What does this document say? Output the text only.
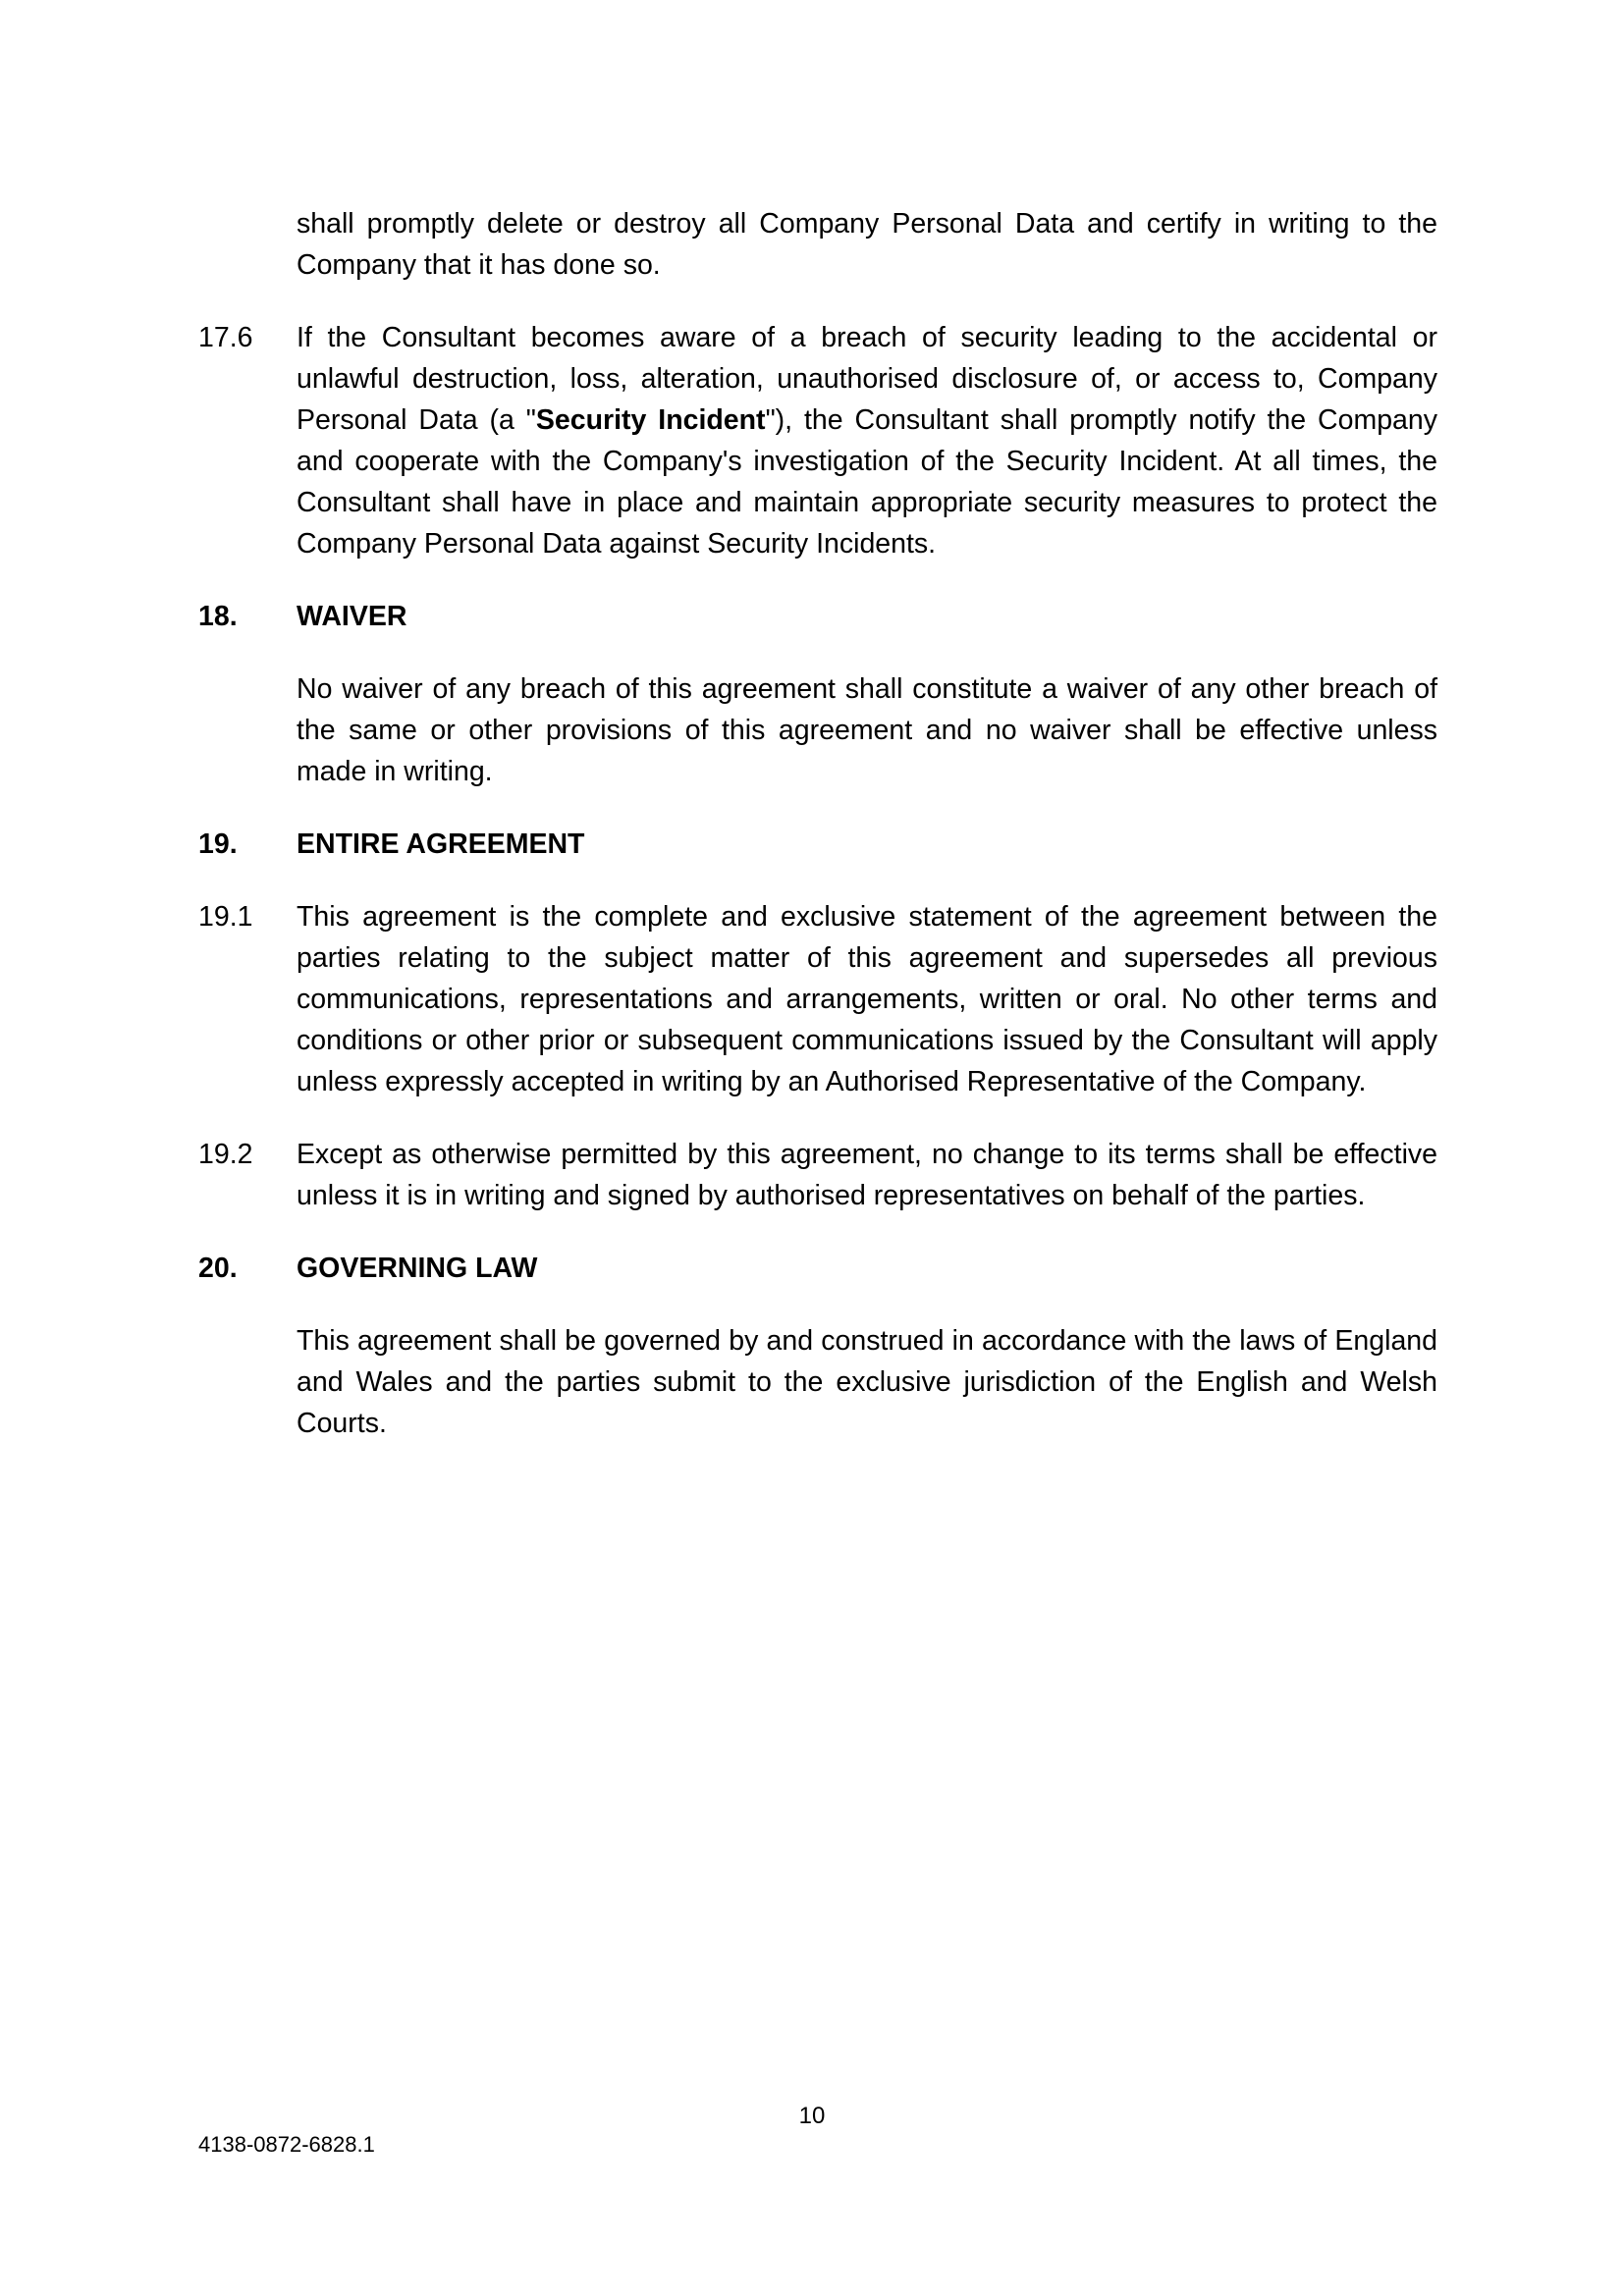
shall promptly delete or destroy all Company Personal Data and certify in writing to the Company that it has done so.

17.6	If the Consultant becomes aware of a breach of security leading to the accidental or unlawful destruction, loss, alteration, unauthorised disclosure of, or access to, Company Personal Data (a "Security Incident"), the Consultant shall promptly notify the Company and cooperate with the Company's investigation of the Security Incident. At all times, the Consultant shall have in place and maintain appropriate security measures to protect the Company Personal Data against Security Incidents.

18.	WAIVER

No waiver of any breach of this agreement shall constitute a waiver of any other breach of the same or other provisions of this agreement and no waiver shall be effective unless made in writing.

19.	ENTIRE AGREEMENT
19.1	This agreement is the complete and exclusive statement of the agreement between the parties relating to the subject matter of this agreement and supersedes all previous communications, representations and arrangements, written or oral. No other terms and conditions or other prior or subsequent communications issued by the Consultant will apply unless expressly accepted in writing by an Authorised Representative of the Company.

19.2	Except as otherwise permitted by this agreement, no change to its terms shall be effective unless it is in writing and signed by authorised representatives on behalf of the parties.

20.	GOVERNING LAW

This agreement shall be governed by and construed in accordance with the laws of England and Wales and the parties submit to the exclusive jurisdiction of the English and Welsh Courts.

10
4138-0872-6828.1
